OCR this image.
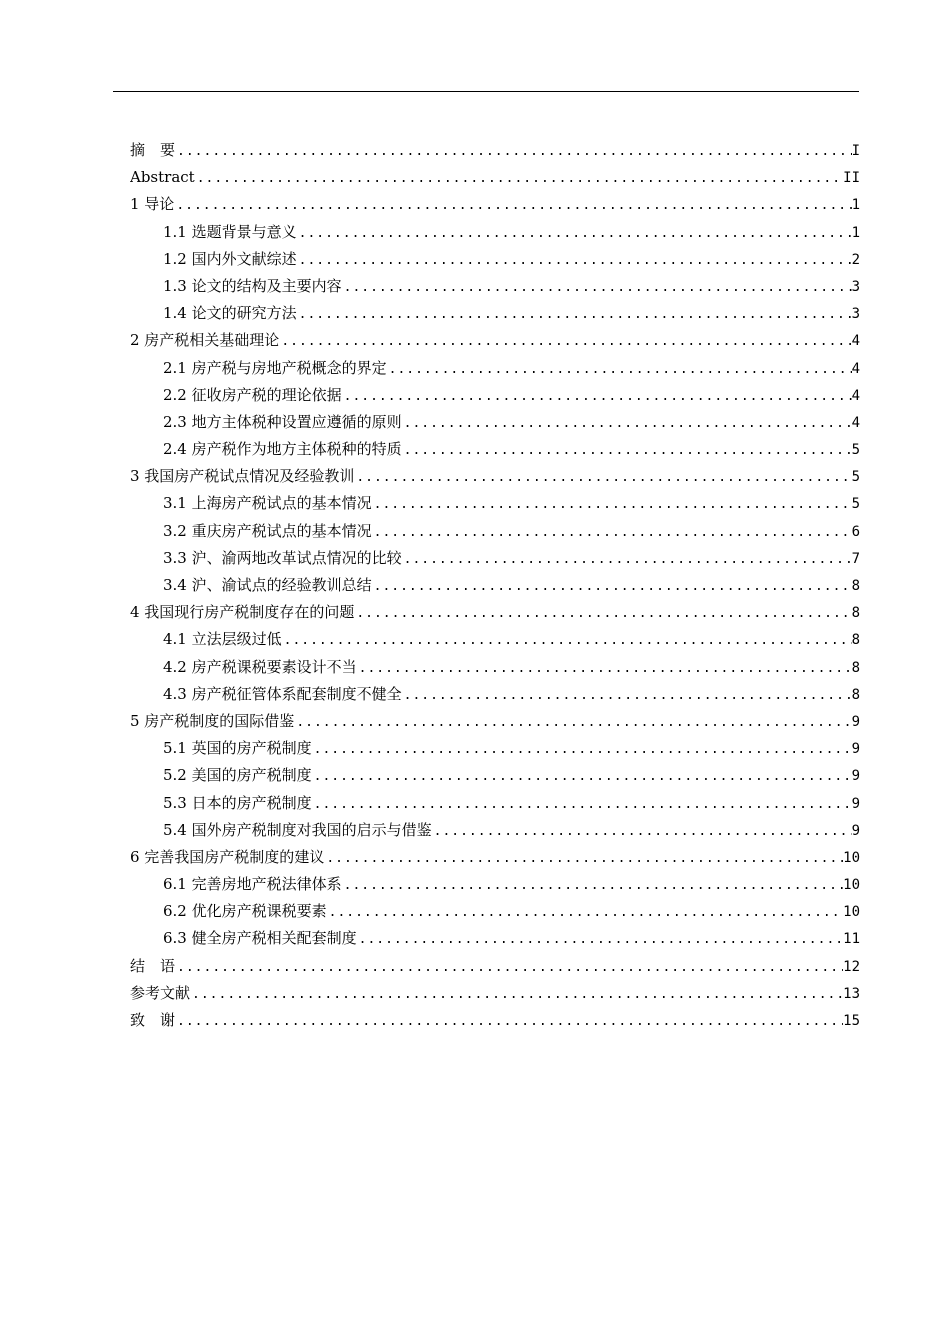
摘　要 .....	I
Abstract .....	II
1 导论 .....	1
1.1 选题背景与意义 .....	1
1.2 国内外文献综述 .....	2
1.3 论文的结构及主要内容 .....	3
1.4 论文的研究方法 .....	3
2 房产税相关基础理论 .....	4
2.1 房产税与房地产税概念的界定 .....	4
2.2 征收房产税的理论依据 .....	4
2.3 地方主体税种设置应遵循的原则 .....	4
2.4 房产税作为地方主体税种的特质 .....	5
3 我国房产税试点情况及经验教训 .....	5
3.1 上海房产税试点的基本情况 .....	5
3.2 重庆房产税试点的基本情况 .....	6
3.3 沪、渝两地改革试点情况的比较 .....	7
3.4 沪、渝试点的经验教训总结 .....	8
4 我国现行房产税制度存在的问题 .....	8
4.1 立法层级过低 .....	8
4.2 房产税课税要素设计不当 .....	8
4.3 房产税征管体系配套制度不健全 .....	8
5 房产税制度的国际借鉴 .....	9
5.1 英国的房产税制度 .....	9
5.2 美国的房产税制度 .....	9
5.3 日本的房产税制度 .....	9
5.4 国外房产税制度对我国的启示与借鉴 .....	9
6 完善我国房产税制度的建议 .....	10
6.1 完善房地产税法律体系 .....	10
6.2 优化房产税课税要素 .....	10
6.3 健全房产税相关配套制度 .....	11
结　语 .....	12
参考文献 .....	13
致　谢 .....	15
